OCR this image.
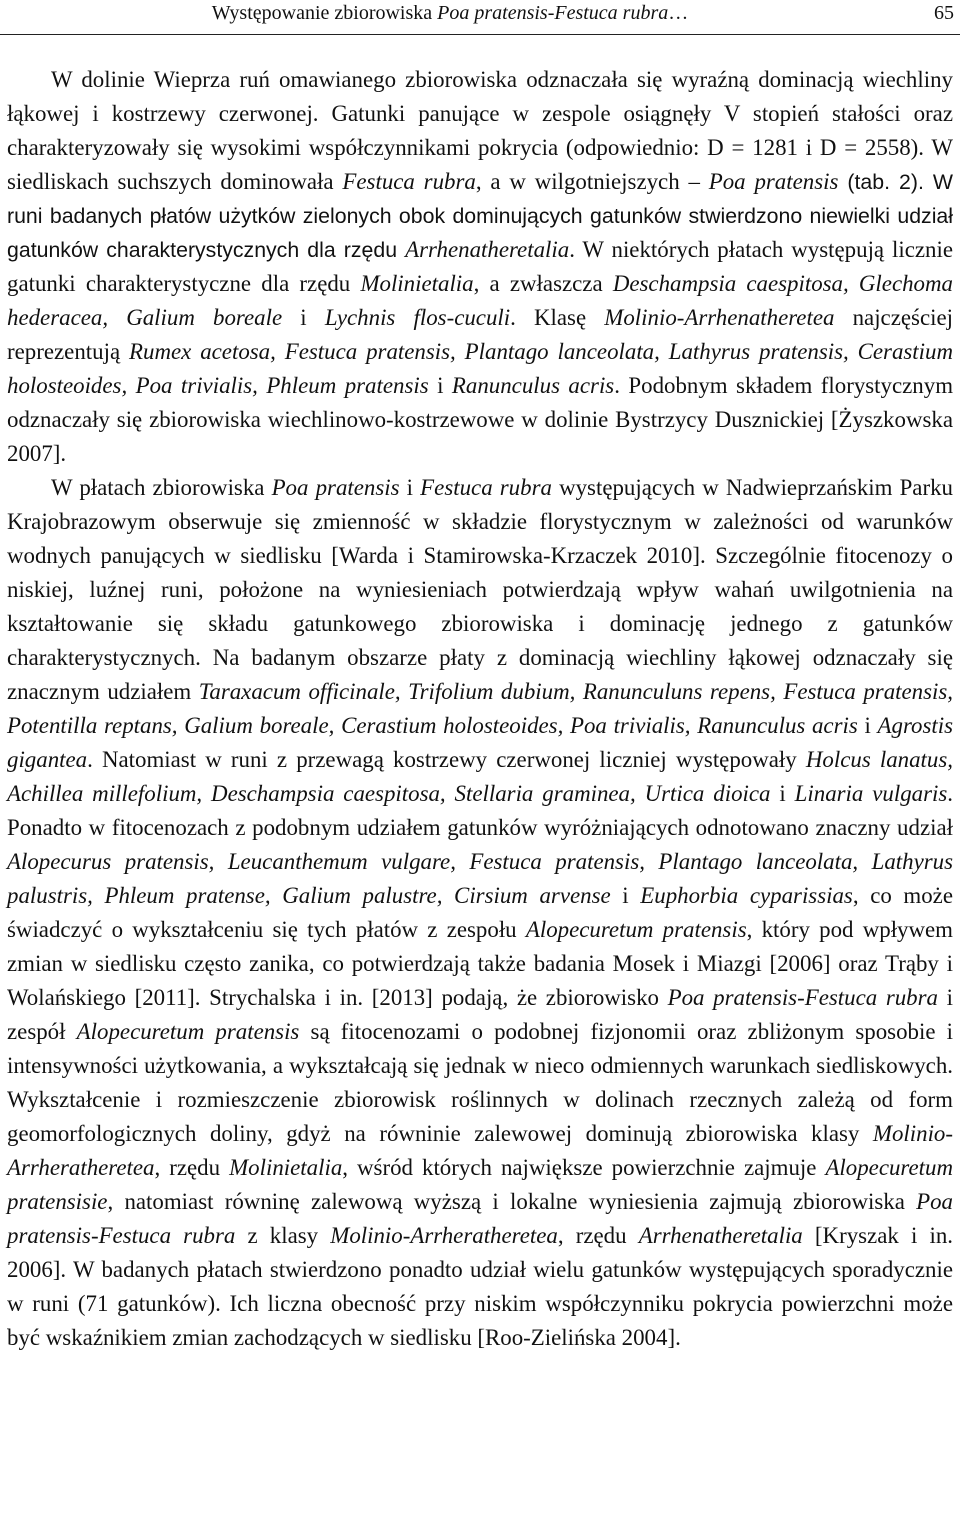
Występowanie zbiorowiska Poa pratensis-Festuca rubra…	65

W dolinie Wieprza ruń omawianego zbiorowiska odznaczała się wyraźną dominacją wiechliny łąkowej i kostrzewy czerwonej. Gatunki panujące w zespole osiągnęły V stopień stałości oraz charakteryzowały się wysokimi współczynnikami pokrycia (odpowiednio: D = 1281 i D = 2558). W siedliskach suchszych dominowała Festuca rubra, a w wilgotniejszych – Poa pratensis (tab. 2). W runi badanych płatów użytków zielonych obok dominujących gatunków stwierdzono niewielki udział gatunków charakterystycznych dla rzędu Arrhenatheretalia. W niektórych płatach występują licznie gatunki charakterystyczne dla rzędu Molinietalia, a zwłaszcza Deschampsia caespitosa, Glechoma hederacea, Galium boreale i Lychnis flos-cuculi. Klasę Molinio-Arrhenatheretea najczęściej reprezentują Rumex acetosa, Festuca pratensis, Plantago lanceolata, Lathyrus pratensis, Cerastium holosteoides, Poa trivialis, Phleum pratensis i Ranunculus acris. Podobnym składem florystycznym odznaczały się zbiorowiska wiechlinowo-kostrzewowe w dolinie Bystrzycy Dusznickiej [Żyszkowska 2007].

W płatach zbiorowiska Poa pratensis i Festuca rubra występujących w Nadwieprzańskim Parku Krajobrazowym obserwuje się zmienność w składzie florystycznym w zależności od warunków wodnych panujących w siedlisku [Warda i Stamirowska-Krzaczek 2010]. Szczególnie fitocenozy o niskiej, luźnej runi, położone na wyniesieniach potwierdzają wpływ wahań uwilgotnienia na kształtowanie się składu gatunkowego zbiorowiska i dominację jednego z gatunków charakterystycznych. Na badanym obszarze płaty z dominacją wiechliny łąkowej odznaczały się znacznym udziałem Taraxacum officinale, Trifolium dubium, Ranunculuns repens, Festuca pratensis, Potentilla reptans, Galium boreale, Cerastium holosteoides, Poa trivialis, Ranunculus acris i Agrostis gigantea. Natomiast w runi z przewagą kostrzewy czerwonej liczniej występowały Holcus lanatus, Achillea millefolium, Deschampsia caespitosa, Stellaria graminea, Urtica dioica i Linaria vulgaris. Ponadto w fitocenozach z podobnym udziałem gatunków wyróżniających odnotowano znaczny udział Alopecurus pratensis, Leucanthemum vulgare, Festuca pratensis, Plantago lanceolata, Lathyrus palustris, Phleum pratense, Galium palustre, Cirsium arvense i Euphorbia cyparissias, co może świadczyć o wykształceniu się tych płatów z zespołu Alopecuretum pratensis, który pod wpływem zmian w siedlisku często zanika, co potwierdzają także badania Mosek i Miazgi [2006] oraz Trąby i Wolańskiego [2011]. Strychalska i in. [2013] podają, że zbiorowisko Poa pratensis-Festuca rubra i zespół Alopecuretum pratensis są fitocenozami o podobnej fizjonomii oraz zbliżonym sposobie i intensywności użytkowania, a wykształcają się jednak w nieco odmiennych warunkach siedliskowych. Wykształcenie i rozmieszczenie zbiorowisk roślinnych w dolinach rzecznych zależą od form geomorfologicznych doliny, gdyż na równinie zalewowej dominują zbiorowiska klasy Molinio-Arrheratheretea, rzędu Molinietalia, wśród których największe powierzchnie zajmuje Alopecuretum pratensisie, natomiast równinę zalewową wyższą i lokalne wyniesienia zajmują zbiorowiska Poa pratensis-Festuca rubra z klasy Molinio-Arrheratheretea, rzędu Arrhenatheretalia [Kryszak i in. 2006]. W badanych płatach stwierdzono ponadto udział wielu gatunków występujących sporadycznie w runi (71 gatunków). Ich liczna obecność przy niskim współczynniku pokrycia powierzchni może być wskaźnikiem zmian zachodzących w siedlisku [Roo-Zielińska 2004].
